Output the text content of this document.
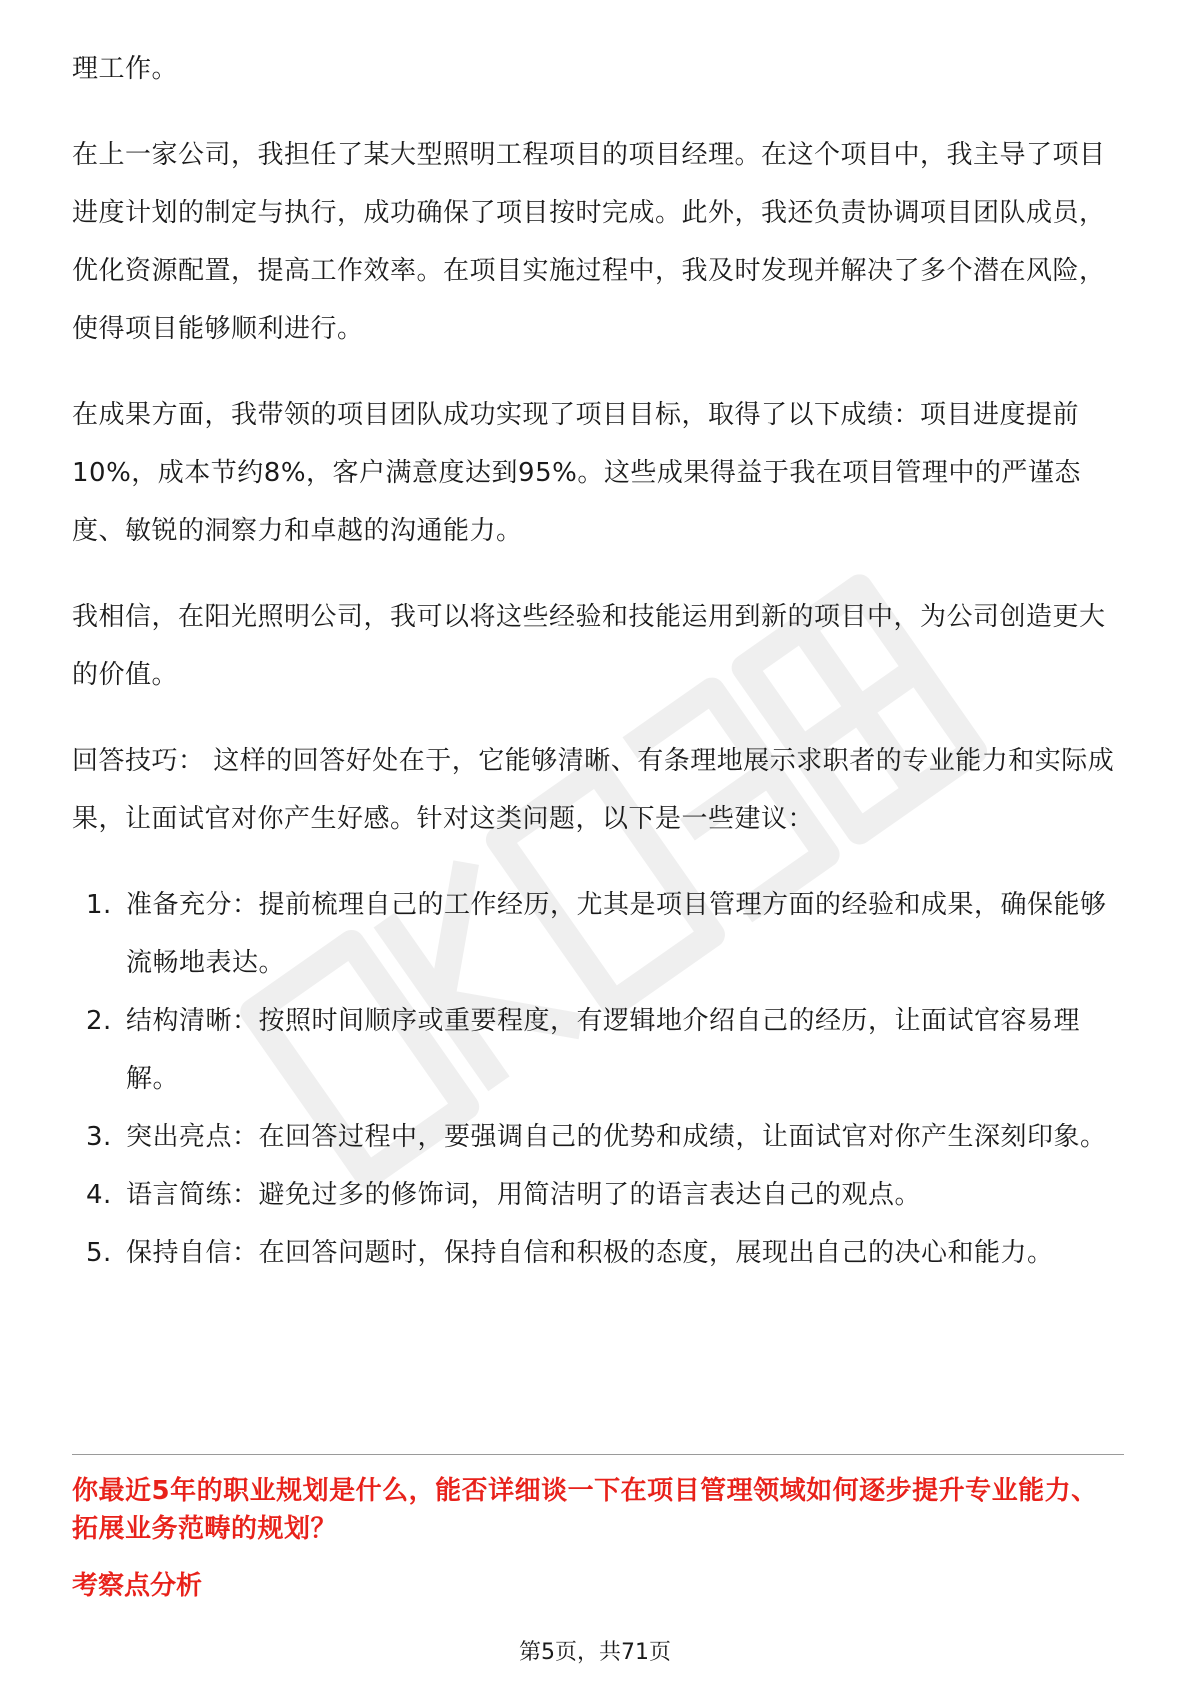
理工作。

在上一家公司，我担任了某大型照明工程项目的项目经理。在这个项目中，我主导了项目进度计划的制定与执行，成功确保了项目按时完成。此外，我还负责协调项目团队成员，优化资源配置，提高工作效率。在项目实施过程中，我及时发现并解决了多个潜在风险，使得项目能够顺利进行。

在成果方面，我带领的项目团队成功实现了项目目标，取得了以下成绩：项目进度提前10%，成本节约8%，客户满意度达到95%。这些成果得益于我在项目管理中的严谨态度、敏锐的洞察力和卓越的沟通能力。

我相信，在阳光照明公司，我可以将这些经验和技能运用到新的项目中，为公司创造更大的价值。

回答技巧： 这样的回答好处在于，它能够清晰、有条理地展示求职者的专业能力和实际成果，让面试官对你产生好感。针对这类问题，以下是一些建议：

1. 准备充分：提前梳理自己的工作经历，尤其是项目管理方面的经验和成果，确保能够流畅地表达。
2. 结构清晰：按照时间顺序或重要程度，有逻辑地介绍自己的经历，让面试官容易理解。
3. 突出亮点：在回答过程中，要强调自己的优势和成绩，让面试官对你产生深刻印象。
4. 语言简练：避免过多的修饰词，用简洁明了的语言表达自己的观点。
5. 保持自信：在回答问题时，保持自信和积极的态度，展现出自己的决心和能力。
你最近5年的职业规划是什么，能否详细谈一下在项目管理领域如何逐步提升专业能力、拓展业务范畴的规划？
考察点分析
第5页，共71页
